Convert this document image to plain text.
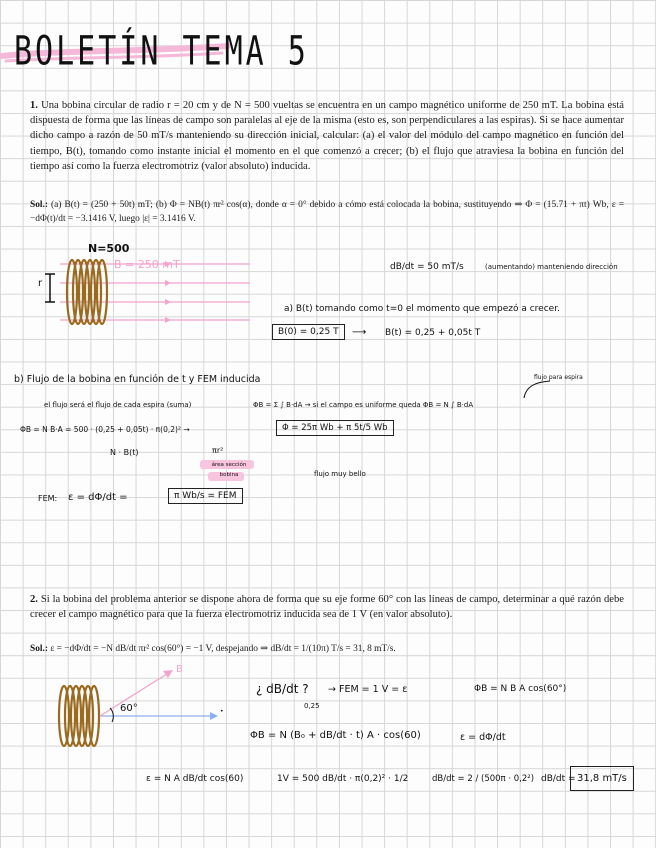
BOLETÍN TEMA 5
1. Una bobina circular de radio r = 20 cm y de N = 500 vueltas se encuentra en un campo magnético uniforme de 250 mT. La bobina está dispuesta de forma que las líneas de campo son paralelas al eje de la misma (esto es, son perpendiculares a las espiras). Si se hace aumentar dicho campo a razón de 50 mT/s manteniendo su dirección inicial, calcular: (a) el valor del módulo del campo magnético en función del tiempo, B(t), tomando como instante inicial el momento en el que comenzó a crecer; (b) el flujo que atraviesa la bobina en función del tiempo así como la fuerza electromotriz (valor absoluto) inducida.
Sol.: (a) B(t) = (250 + 50t) mT; (b) Φ = NB(t) πr² cos(α), donde α = 0° debido a cómo está colocada la bobina, sustituyendo ⇒ Φ = (15.71 + πt) Wb, ε = −dΦ(t)/dt = −3.1416 V, luego |ε| = 3.1416 V.
N=500
B = 250 mT
r
dB/dt = 50 mT/s	(aumentando) manteniendo dirección
a) B(t) tomando como t=0 el momento que empezó a crecer.
B(0) = 0,25 T	⟶ B(t) = 0,25 + 0,05t T
b) Flujo de la bobina en función de t y FEM inducida	flujo para espira
el flujo será el flujo de cada espira (suma)	ΦB = Σ ∫ B·dA → si el campo es uniforme queda ΦB = N ∫ B·dA
ΦB = N B·A = 500 · (0,25 + 0,05t) · π(0,2)² →	Φ = 25π Wb + π 5t/5 Wb
N · B(t)	πr²
área sección bobina	flujo muy bello
FEM: ε = dΦ/dt =	π Wb/s = FEM
2. Si la bobina del problema anterior se dispone ahora de forma que su eje forme 60° con las líneas de campo, determinar a qué razón debe crecer el campo magnético para que la fuerza electromotriz inducida sea de 1 V (en valor absoluto).
Sol.: ε = −dΦ/dt = −N dB/dt πr² cos(60°) = −1 V, despejando ⇒ dB/dt = 1/(10π) T/s = 31, 8 mT/s.
60°
B
•
¿ dB/dt ?
0,25
→ FEM = 1 V = ε	ΦB = N B A cos(60°)
ΦB = N (B₀ + dB/dt · t) A · cos(60)	ε = dΦ/dt
ε = N A dB/dt cos(60)	1V = 500 dB/dt · π(0,2)² · 1/2	dB/dt = 2 / (500π · 0,2²) dB/dt = 31,8 mT/s
